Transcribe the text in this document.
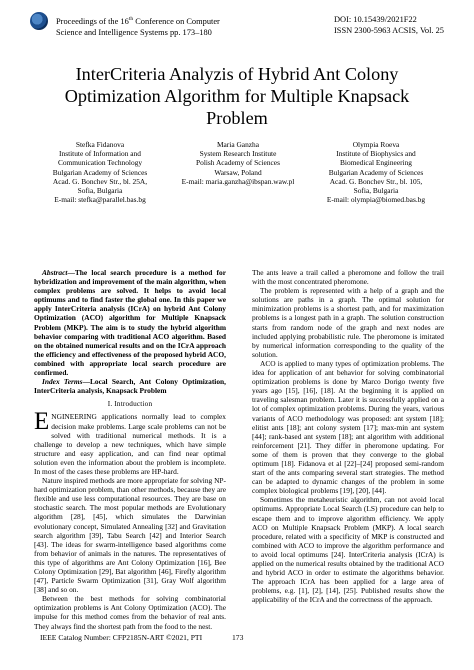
Proceedings of the 16th Conference on Computer
Science and Intelligence Systems pp. 173–180
DOI: 10.15439/2021F22
ISSN 2300-5963 ACSIS, Vol. 25
InterCriteria Analyzis of Hybrid Ant Colony
Optimization Algorithm for Multiple Knapsack
Problem
Stefka Fidanova
Institute of Information and
Communication Technology
Bulgarian Academy of Sciences
Acad. G. Bonchev Str., bl. 25A,
Sofia, Bulgaria
E-mail: stefka@parallel.bas.bg
Maria Ganzha
System Research Institute
Polish Academy of Sciences
Warsaw, Poland
E-mail: maria.ganzha@ibspan.waw.pl
Olympia Roeva
Institute of Biophysics and
Biomedical Engineering
Bulgarian Academy of Sciences
Acad. G. Bonchev Str., bl. 105,
Sofia, Bulgaria
E-mail: olympia@biomed.bas.bg

Abstract—The local search procedure is a method for hybridization and improvement of the main algorithm, when complex problems are solved. It helps to avoid local optimums and to find faster the global one. In this paper we apply InterCriteria analysis (ICrA) on hybrid Ant Colony Optimization (ACO) algorithm for Multiple Knapsack Problem (MKP). The aim is to study the hybrid algorithm behavior comparing with traditional ACO algorithm. Based on the obtained numerical results and on the ICrA approach the efficiency and effectiveness of the proposed hybrid ACO, combined with appropriate local search procedure are confirmed.

Index Terms—Local Search, Ant Colony Optimization, InterCriteria analysis, Knapsack Problem

I. Introduction

ENGINEERING applications normally lead to complex decision make problems. Large scale problems can not be solved with traditional numerical methods. It is a challenge to develop a new techniques, which have simple structure and easy application, and can find near optimal solution even the information about the problem is incomplete. In most of the cases these problems are HP-hard.

Nature inspired methods are more appropriate for solving NP-hard optimization problem, than other methods, because they are flexible and use less computational resources. They are base on stochastic search. The most popular methods are Evolutionary algorithm [28], [45], which simulates the Darwinian evolutionary concept, Simulated Annealing [32] and Gravitation search algorithm [39], Tabu Search [42] and Interior Search [43]. The ideas for swarm-intelligence based algorithms come from behavior of animals in the natures. The representatives of this type of algorithms are Ant Colony Optimization [16], Bee Colony Optimization [29], Bat algorithm [46], Firefly algorithm [47], Particle Swarm Optimization [31], Gray Wolf algorithm [38] and so on.

Between the best methods for solving combinatorial optimization problems is Ant Colony Optimization (ACO). The impulse for this method comes from the behavior of real ants. They always find the shortest path from the food to the nest.

The ants leave a trail called a pheromone and follow the trail with the most concentrated pheromone.

The problem is represented with a help of a graph and the solutions are paths in a graph. The optimal solution for minimization problems is a shortest path, and for maximization problems is a longest path in a graph. The solution construction starts from random node of the graph and next nodes are included applying probabilistic rule. The pheromone is imitated by numerical information corresponding to the quality of the solution.

ACO is applied to many types of optimization problems. The idea for application of ant behavior for solving combinatorial optimization problems is done by Marco Dorigo twenty five years ago [15], [16], [18]. At the beginning it is applied on traveling salesman problem. Later it is successfully applied on a lot of complex optimization problems. During the years, various variants of ACO methodology was proposed: ant system [18]; elitist ants [18]; ant colony system [17]; max-min ant system [44]; rank-based ant system [18]; ant algorithm with additional reinforcement [21]. They differ in pheromone updating. For some of them is proven that they converge to the global optimum [18]. Fidanova et al [22]–[24] proposed semi-random start of the ants comparing several start strategies. The method can be adapted to dynamic changes of the problem in some complex biological problems [19], [20], [44].

Sometimes the metaheuristic algorithm, can not avoid local optimums. Appropriate Local Search (LS) procedure can help to escape them and to improve algorithm efficiency. We apply ACO on Multiple Knapsack Problem (MKP). A local search procedure, related with a specificity of MKP is constructed and combined with ACO to improve the algorithm performance and to avoid local optimums [24]. InterCriteria analysis (ICrA) is applied on the numerical results obtained by the traditional ACO and hybrid ACO in order to estimate the algorithms behavior. The approach ICrA has been applied for a large area of problems, e.g. [1], [2], [14], [25]. Published results show the applicability of the ICrA and the correctness of the approach.

IEEE Catalog Number: CFP2185N-ART ©2021, PTI	173
